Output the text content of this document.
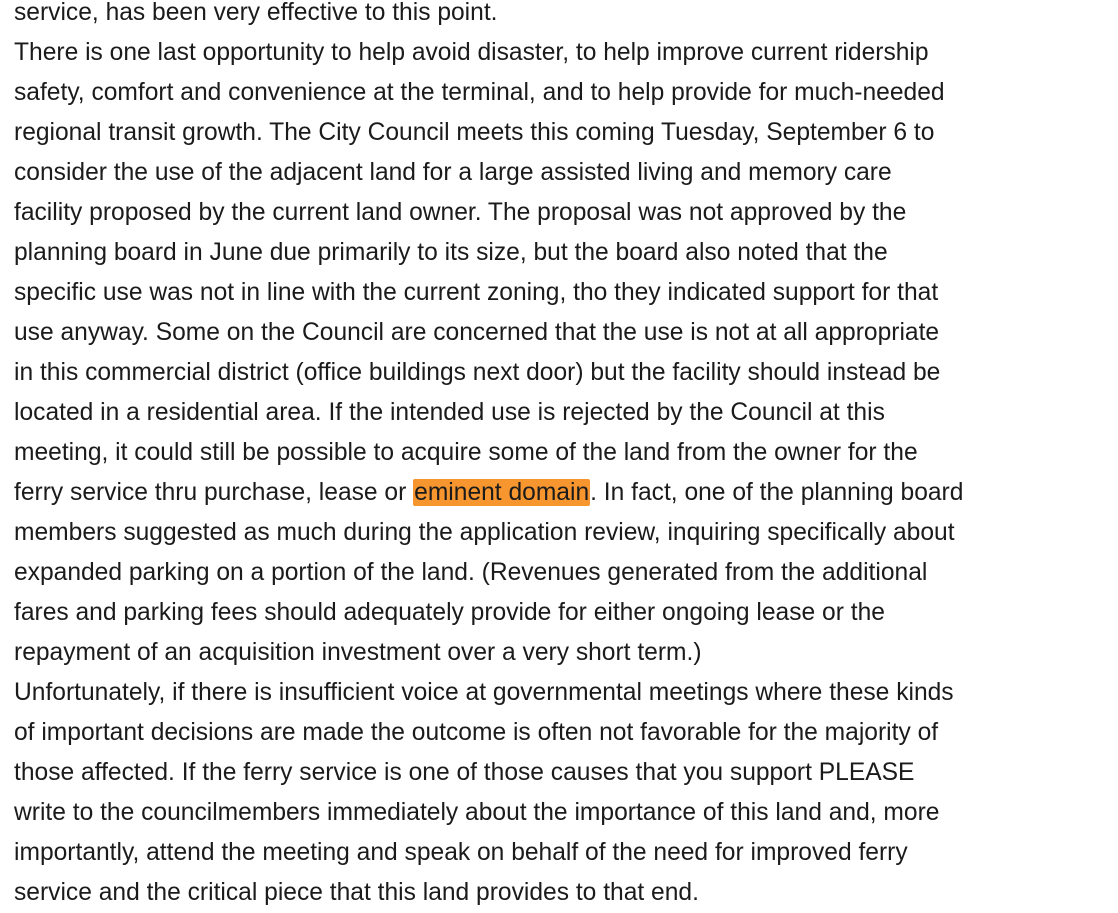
service, has been very effective to this point.

There is one last opportunity to help avoid disaster, to help improve current ridership
safety, comfort and convenience at the terminal, and to help provide for much-needed
regional transit growth. The City Council meets this coming Tuesday, September 6 to
consider the use of the adjacent land for a large assisted living and memory care
facility proposed by the current land owner. The proposal was not approved by the
planning board in June due primarily to its size, but the board also noted that the
specific use was not in line with the current zoning, tho they indicated support for that
use anyway. Some on the Council are concerned that the use is not at all appropriate
in this commercial district (office buildings next door) but the facility should instead be
located in a residential area. If the intended use is rejected by the Council at this
meeting, it could still be possible to acquire some of the land from the owner for the
ferry service thru purchase, lease or eminent domain. In fact, one of the planning board
members suggested as much during the application review, inquiring specifically about
expanded parking on a portion of the land. (Revenues generated from the additional
fares and parking fees should adequately provide for either ongoing lease or the
repayment of an acquisition investment over a very short term.)

Unfortunately, if there is insufficient voice at governmental meetings where these kinds
of important decisions are made the outcome is often not favorable for the majority of
those affected. If the ferry service is one of those causes that you support PLEASE
write to the councilmembers immediately about the importance of this land and, more
importantly, attend the meeting and speak on behalf of the need for improved ferry
service and the critical piece that this land provides to that end.
